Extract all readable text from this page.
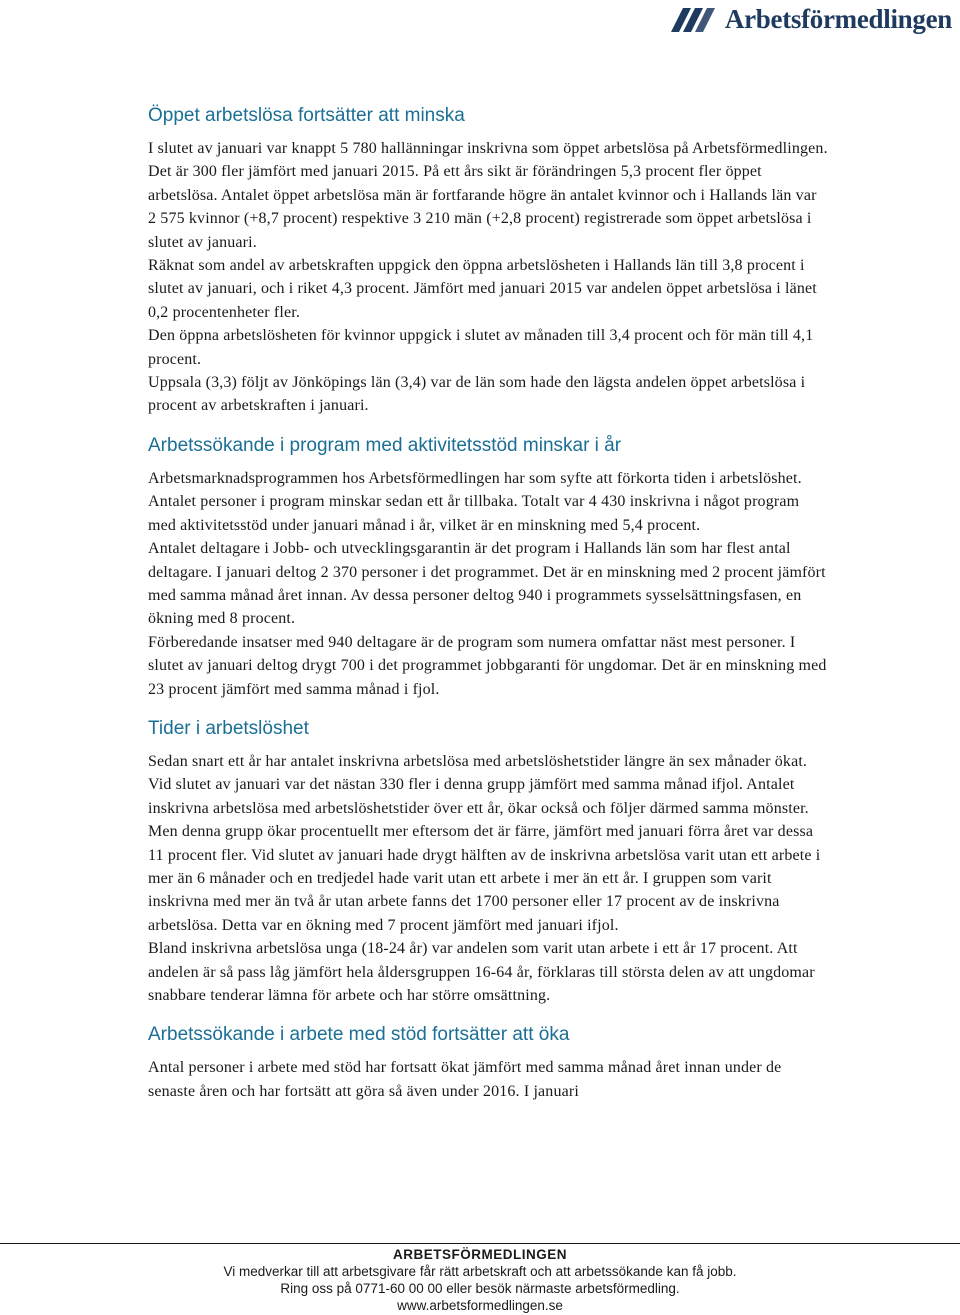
Arbetsförmedlingen
Öppet arbetslösa fortsätter att minska

I slutet av januari var knappt 5 780 hallänningar inskrivna som öppet arbetslösa på Arbetsförmedlingen. Det är 300 fler jämfört med januari 2015. På ett års sikt är förändringen 5,3 procent fler öppet arbetslösa. Antalet öppet arbetslösa män är fortfarande högre än antalet kvinnor och i Hallands län var 2 575 kvinnor (+8,7 procent) respektive 3 210 män (+2,8 procent) registrerade som öppet arbetslösa i slutet av januari.

Räknat som andel av arbetskraften uppgick den öppna arbetslösheten i Hallands län till 3,8 procent i slutet av januari, och i riket 4,3 procent. Jämfört med januari 2015 var andelen öppet arbetslösa i länet 0,2 procentenheter fler.

Den öppna arbetslösheten för kvinnor uppgick i slutet av månaden till 3,4 procent och för män till 4,1 procent.

Uppsala (3,3) följt av Jönköpings län (3,4) var de län som hade den lägsta andelen öppet arbetslösa i procent av arbetskraften i januari.

Arbetssökande i program med aktivitetsstöd minskar i år

Arbetsmarknadsprogrammen hos Arbetsförmedlingen har som syfte att förkorta tiden i arbetslöshet. Antalet personer i program minskar sedan ett år tillbaka. Totalt var 4 430 inskrivna i något program med aktivitetsstöd under januari månad i år, vilket är en minskning med 5,4 procent.

Antalet deltagare i Jobb- och utvecklingsgarantin är det program i Hallands län som har flest antal deltagare. I januari deltog 2 370 personer i det programmet. Det är en minskning med 2 procent jämfört med samma månad året innan. Av dessa personer deltog 940 i programmets sysselsättningsfasen, en ökning med 8 procent.

Förberedande insatser med 940 deltagare är de program som numera omfattar näst mest personer. I slutet av januari deltog drygt 700 i det programmet jobbgaranti för ungdomar. Det är en minskning med 23 procent jämfört med samma månad i fjol.

Tider i arbetslöshet

Sedan snart ett år har antalet inskrivna arbetslösa med arbetslöshetstider längre än sex månader ökat. Vid slutet av januari var det nästan 330 fler i denna grupp jämfört med samma månad ifjol. Antalet inskrivna arbetslösa med arbetslöshetstider över ett år, ökar också och följer därmed samma mönster. Men denna grupp ökar procentuellt mer eftersom det är färre, jämfört med januari förra året var dessa 11 procent fler. Vid slutet av januari hade drygt hälften av de inskrivna arbetslösa varit utan ett arbete i mer än 6 månader och en tredjedel hade varit utan ett arbete i mer än ett år. I gruppen som varit inskrivna med mer än två år utan arbete fanns det 1700 personer eller 17 procent av de inskrivna arbetslösa. Detta var en ökning med 7 procent jämfört med januari ifjol.

Bland inskrivna arbetslösa unga (18-24 år) var andelen som varit utan arbete i ett år 17 procent. Att andelen är så pass låg jämfört hela åldersgruppen 16-64 år, förklaras till största delen av att ungdomar snabbare tenderar lämna för arbete och har större omsättning.

Arbetssökande i arbete med stöd fortsätter att öka

Antal personer i arbete med stöd har fortsatt ökat jämfört med samma månad året innan under de senaste åren och har fortsätt att göra så även under 2016. I januari

ARBETSFÖRMEDLINGEN
Vi medverkar till att arbetsgivare får rätt arbetskraft och att arbetssökande kan få jobb.
Ring oss på 0771-60 00 00 eller besök närmaste arbetsförmedling.
www.arbetsformedlingen.se
